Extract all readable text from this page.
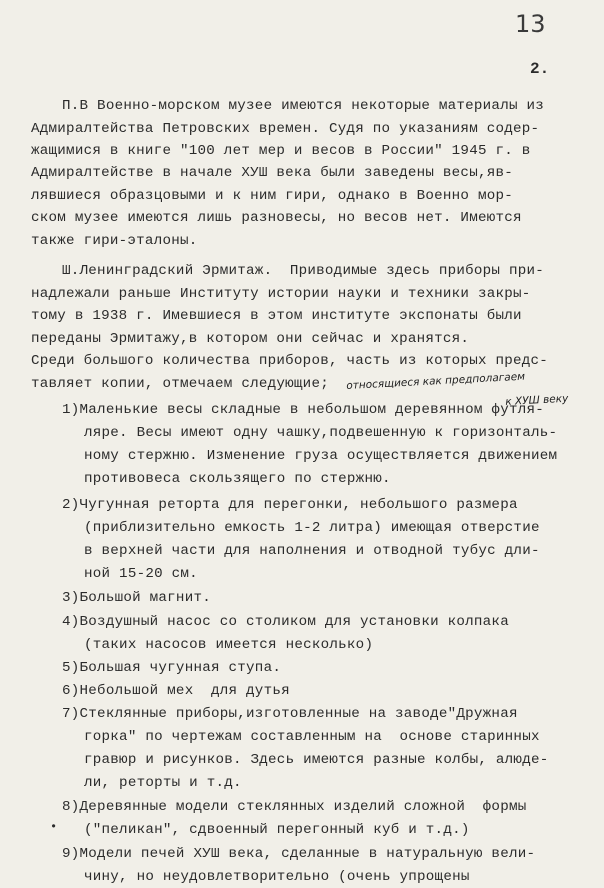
13
2.
П.В Военно-морском музее имеются некоторые материалы из
Адмиралтейства Петровских времен. Судя по указаниям содер-
жащимися в книге "100 лет мер и весов в России" 1945 г. в
Адмиралтействе в начале ХУШ века были заведены весы,яв-
лявшиеся образцовыми и к ним гири, однако в Военно мор-
ском музее имеются лишь разновесы, но весов нет. Имеются
также гири-эталоны.
Ш.Ленинградский Эрмитаж.  Приводимые здесь приборы при-
надлежали раньше Институту истории науки и техники закры-
тому в 1938 г. Имевшиеся в этом институте экспонаты были
переданы Эрмитажу,в котором они сейчас и хранятся.
Среди большого количества приборов, часть из которых предс-
тавляет копии, отмечаем следующие; относящиеся как предполагаем
к ХУШ веку
1)Маленькие весы складные в небольшом деревянном футля-
ляре. Весы имеют одну чашку,подвешенную к горизонталь-
ному стержню. Изменение груза осуществляется движением
противовеса скользящего по стержню.
2)Чугунная реторта для перегонки, небольшого размера
(приблизительно емкость 1-2 литра) имеющая отверстие
в верхней части для наполнения и отводной тубус дли-
ной 15-20 см.
3)Большой магнит.
4)Воздушный насос со столиком для установки колпака
(таких насосов имеется несколько)
5)Большая чугунная ступа.
6)Небольшой мех  для дутья
7)Стеклянные приборы,изготовленные на заводе"Дружная
горка" по чертежам составленным на  основе старинных
гравюр и рисунков. Здесь имеются разные колбы, алюде-
ли, реторты и т.д.
8)Деревянные модели стеклянных изделий сложной  формы
• ("пеликан", сдвоенный перегонный куб и т.д.)
9)Модели печей ХУШ века, сделанные в натуральную вели-
чину, но неудовлетворительно (очень упрощены
